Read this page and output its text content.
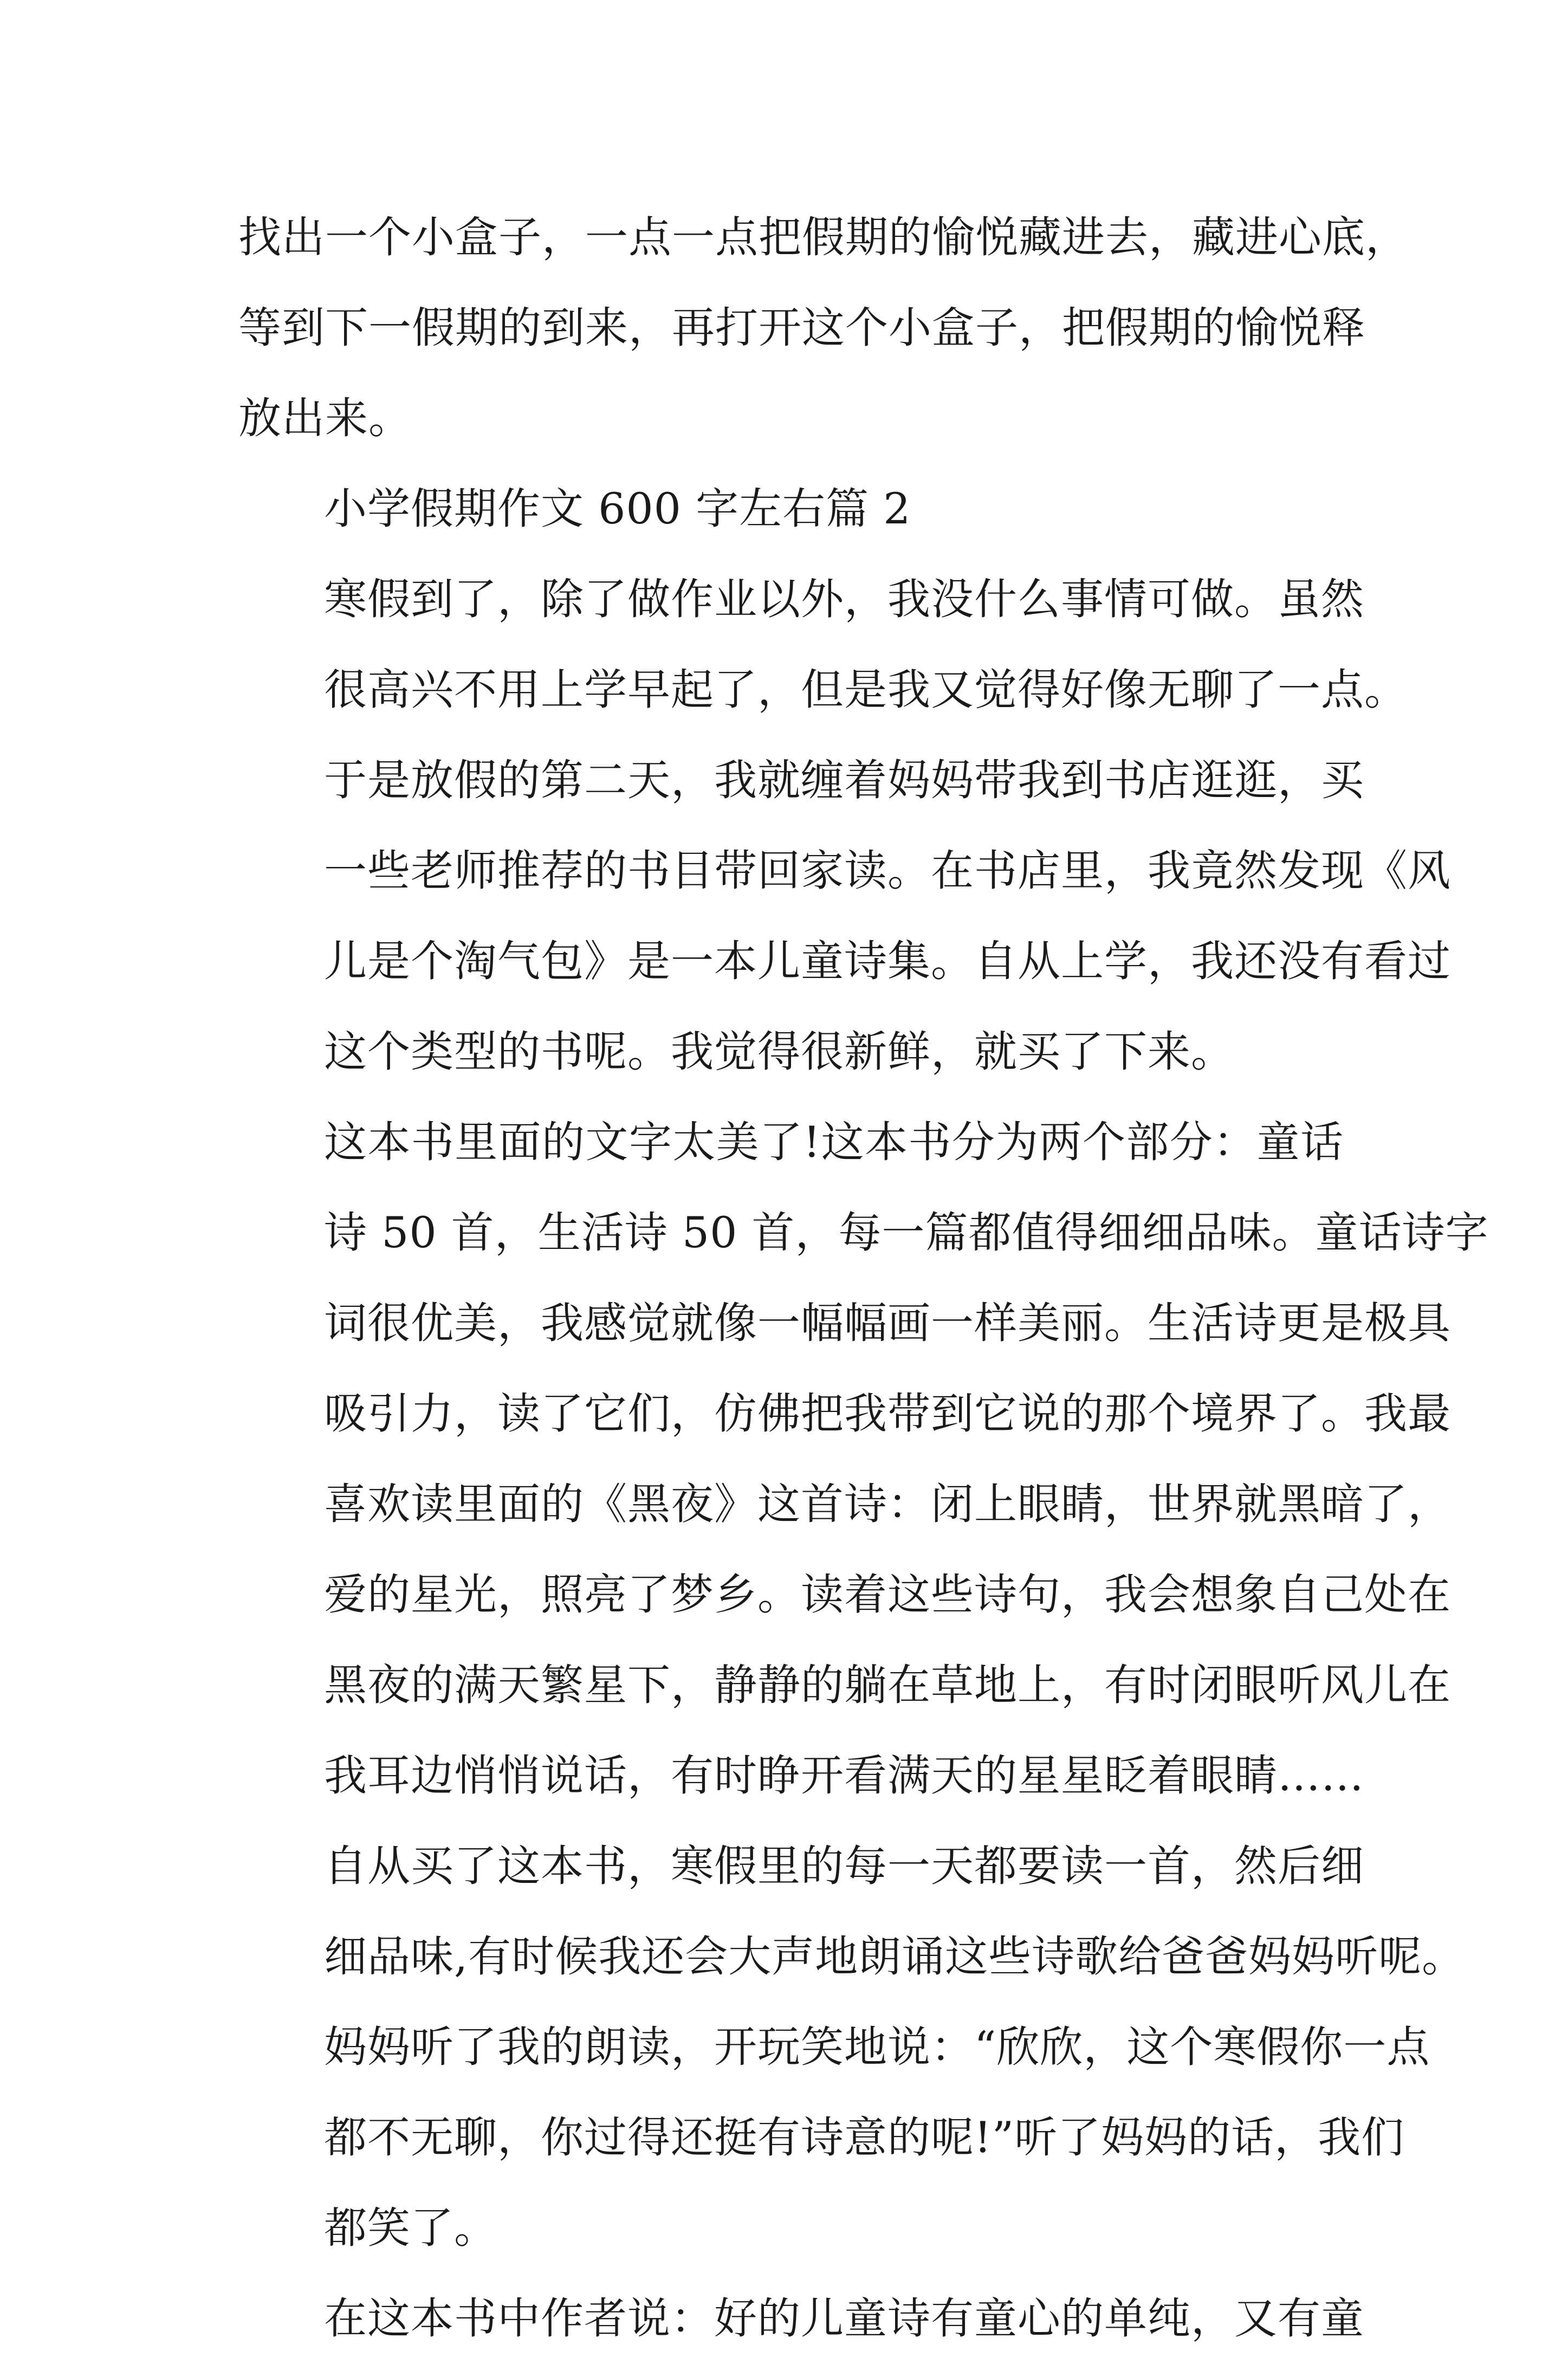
找出一个小盒子，一点一点把假期的愉悦藏进去，藏进心底，
等到下一假期的到来，再打开这个小盒子，把假期的愉悦释
放出来。

小学假期作文 600 字左右篇 2

寒假到了，除了做作业以外，我没什么事情可做。虽然
很高兴不用上学早起了，但是我又觉得好像无聊了一点。

于是放假的第二天，我就缠着妈妈带我到书店逛逛，买
一些老师推荐的书目带回家读。在书店里，我竟然发现《风
儿是个淘气包》是一本儿童诗集。自从上学，我还没有看过
这个类型的书呢。我觉得很新鲜，就买了下来。

这本书里面的文字太美了!这本书分为两个部分：童话
诗 50 首，生活诗 50 首，每一篇都值得细细品味。童话诗字
词很优美，我感觉就像一幅幅画一样美丽。生活诗更是极具
吸引力，读了它们，仿佛把我带到它说的那个境界了。我最
喜欢读里面的《黑夜》这首诗：闭上眼睛，世界就黑暗了，
爱的星光，照亮了梦乡。读着这些诗句，我会想象自己处在
黑夜的满天繁星下，静静的躺在草地上，有时闭眼听风儿在
我耳边悄悄说话，有时睁开看满天的星星眨着眼睛……

自从买了这本书，寒假里的每一天都要读一首，然后细
细品味,有时候我还会大声地朗诵这些诗歌给爸爸妈妈听呢。
妈妈听了我的朗读，开玩笑地说：“欣欣，这个寒假你一点
都不无聊，你过得还挺有诗意的呢!”听了妈妈的话，我们
都笑了。

在这本书中作者说：好的儿童诗有童心的单纯，又有童
